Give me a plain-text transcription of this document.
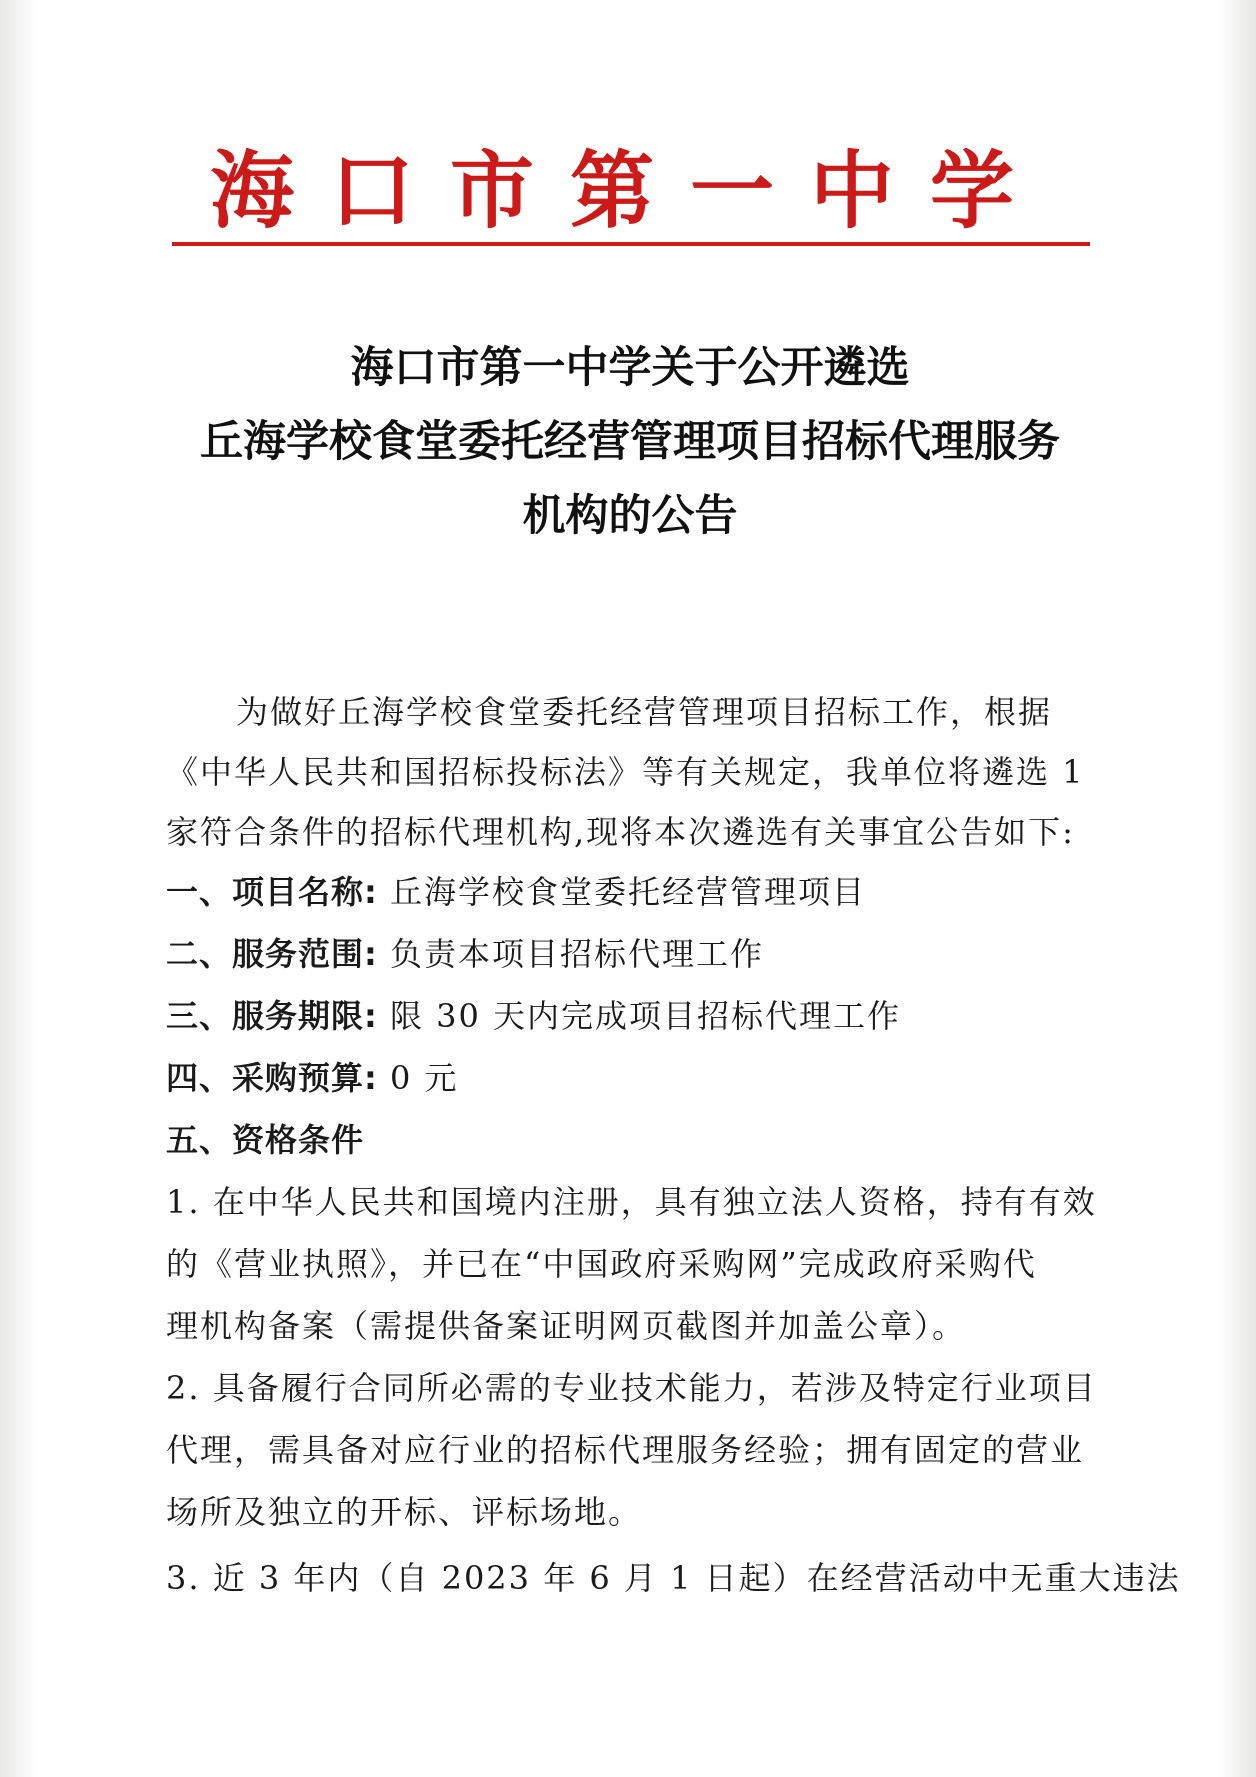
海口市第一中学
海口市第一中学关于公开遴选
丘海学校食堂委托经营管理项目招标代理服务
机构的公告
为做好丘海学校食堂委托经营管理项目招标工作，根据
《中华人民共和国招标投标法》等有关规定，我单位将遴选 1
家符合条件的招标代理机构,现将本次遴选有关事宜公告如下:
一、项目名称: 丘海学校食堂委托经营管理项目
二、服务范围: 负责本项目招标代理工作
三、服务期限: 限 30 天内完成项目招标代理工作
四、采购预算: 0 元
五、资格条件
1. 在中华人民共和国境内注册，具有独立法人资格，持有有效
的《营业执照》，并已在“中国政府采购网”完成政府采购代
理机构备案（需提供备案证明网页截图并加盖公章）。
2. 具备履行合同所必需的专业技术能力，若涉及特定行业项目
代理，需具备对应行业的招标代理服务经验；拥有固定的营业
场所及独立的开标、评标场地。
3. 近 3 年内（自 2023 年 6 月 1 日起）在经营活动中无重大违法
